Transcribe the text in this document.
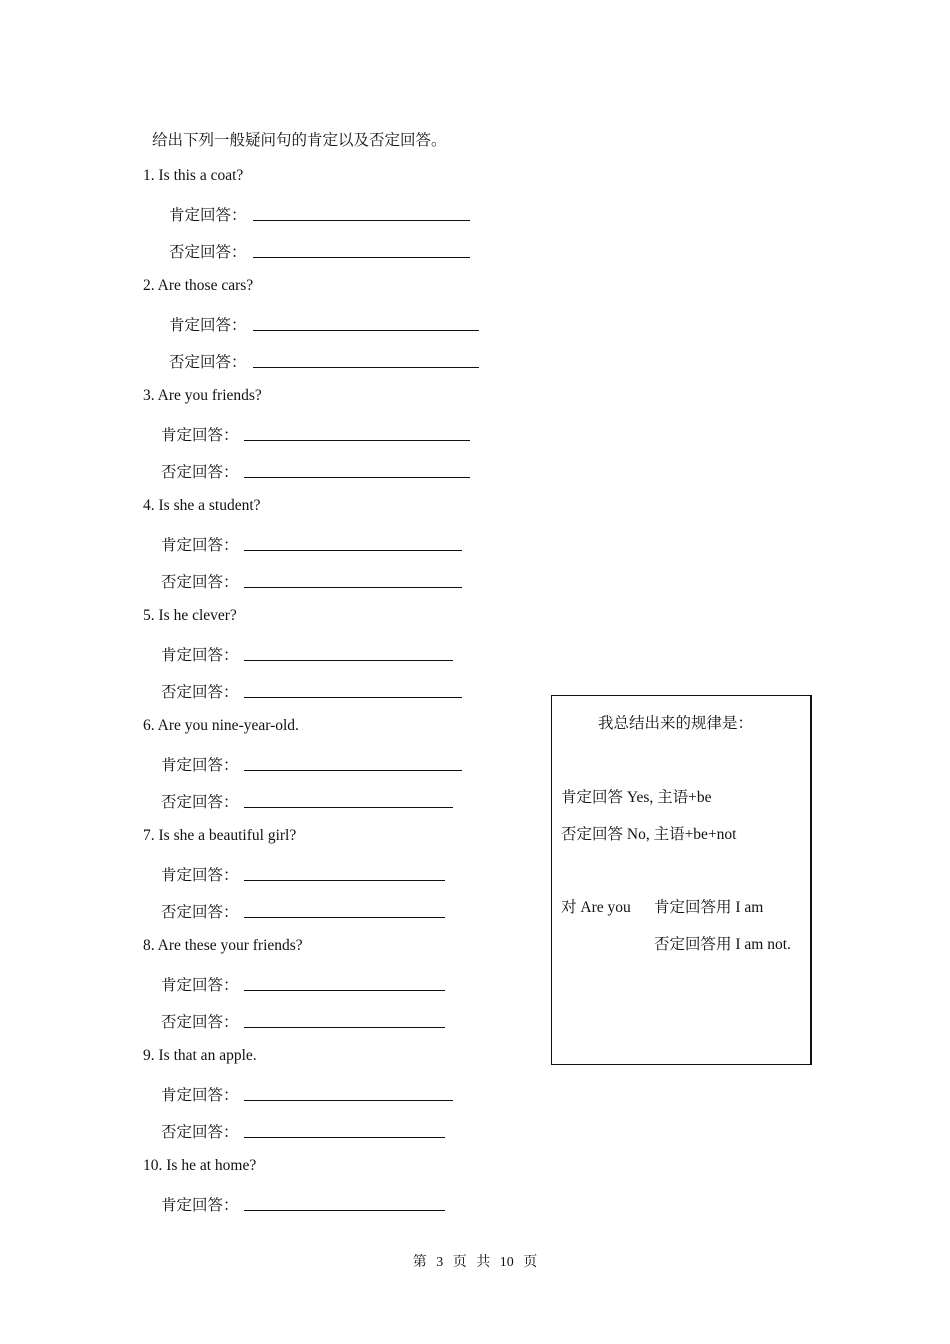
给出下列一般疑问句的肯定以及否定回答。
1. Is this a coat?
肯定回答：
否定回答：
2. Are those cars?
肯定回答：
否定回答：
3. Are you friends?
肯定回答：
否定回答：
4. Is she a student?
肯定回答：
否定回答：
5. Is he clever?
肯定回答：
否定回答：
6. Are you nine-year-old.
肯定回答：
否定回答：
7. Is she a beautiful girl?
肯定回答：
否定回答：
8. Are these your friends?
肯定回答：
否定回答：
9. Is that an apple.
肯定回答：
否定回答：
10. Is he at home?
肯定回答：
我总结出来的规律是：
肯定回答 Yes, 主语+be
否定回答 No, 主语+be+not
对 Are you 肯定回答用 I am
否定回答用 I am not.
第 3 页 共 10 页
